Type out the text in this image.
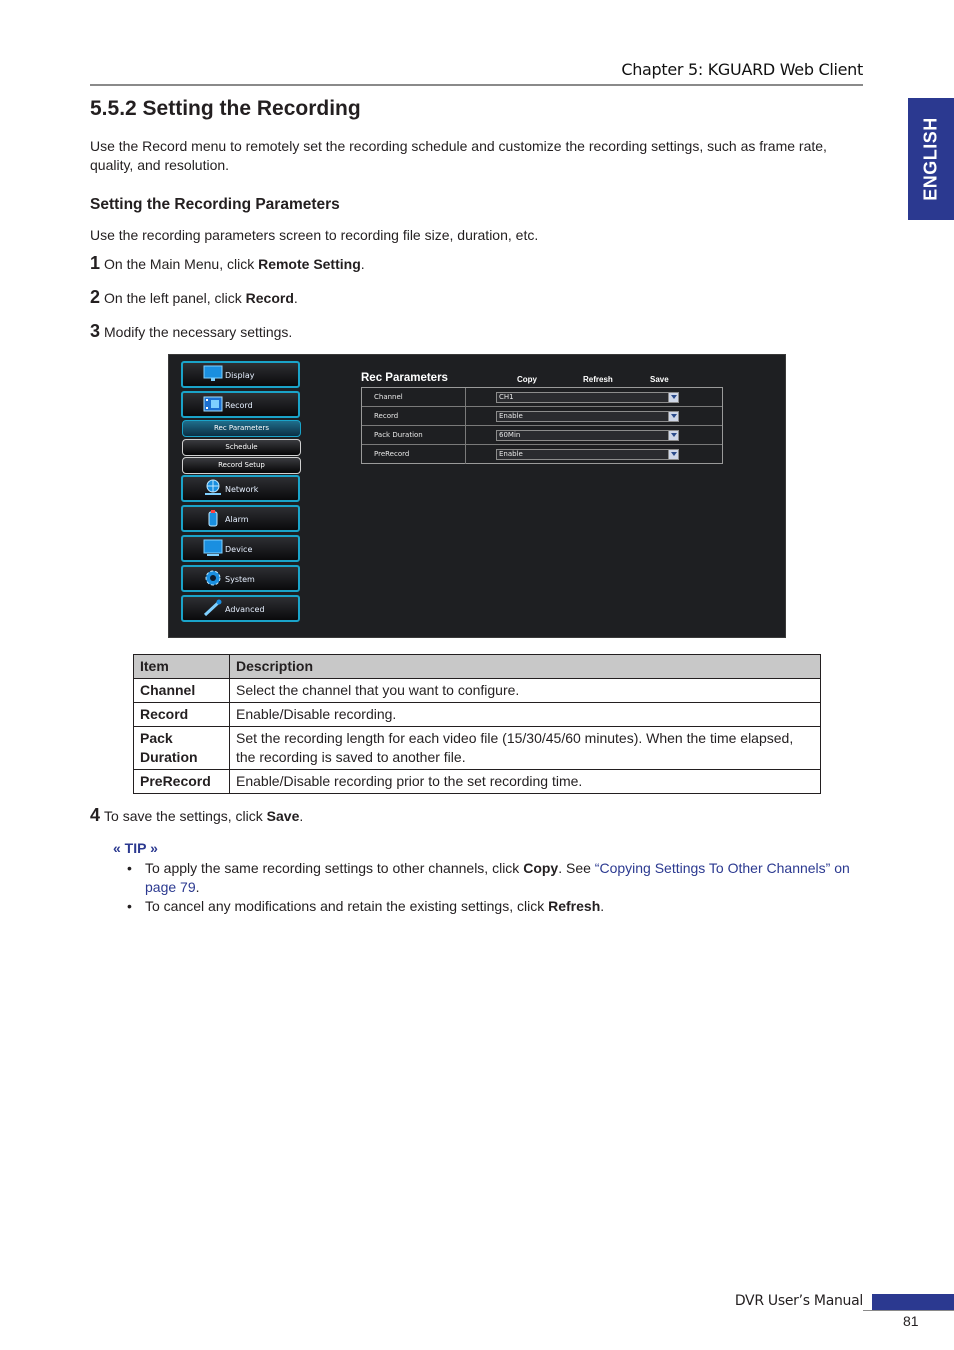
Chapter 5: KGUARD Web Client
ENGLISH
5.5.2 Setting the Recording
Use the Record menu to remotely set the recording schedule and customize the recording settings, such as frame rate, quality, and resolution.
Setting the Recording Parameters
Use the recording parameters screen to recording file size, duration, etc.
1 On the Main Menu, click Remote Setting.
2 On the left panel, click Record.
3 Modify the necessary settings.
Display
Record
Rec Parameters
Schedule
Record Setup
Network
Alarm
Device
System
Advanced
Rec Parameters	Copy	Refresh	Save
Channel	CH1
Record	Enable
Pack Duration	60Min
PreRecord	Enable
Item	Description
Channel	Select the channel that you want to configure.
Record	Enable/Disable recording.
Pack Duration	Set the recording length for each video file (15/30/45/60 minutes). When the time elapsed, the recording is saved to another file.
PreRecord	Enable/Disable recording prior to the set recording time.
4 To save the settings, click Save.
« TIP »
• To apply the same recording settings to other channels, click Copy. See “Copying Settings To Other Channels” on page 79.
• To cancel any modifications and retain the existing settings, click Refresh.
DVR User’s Manual
81
